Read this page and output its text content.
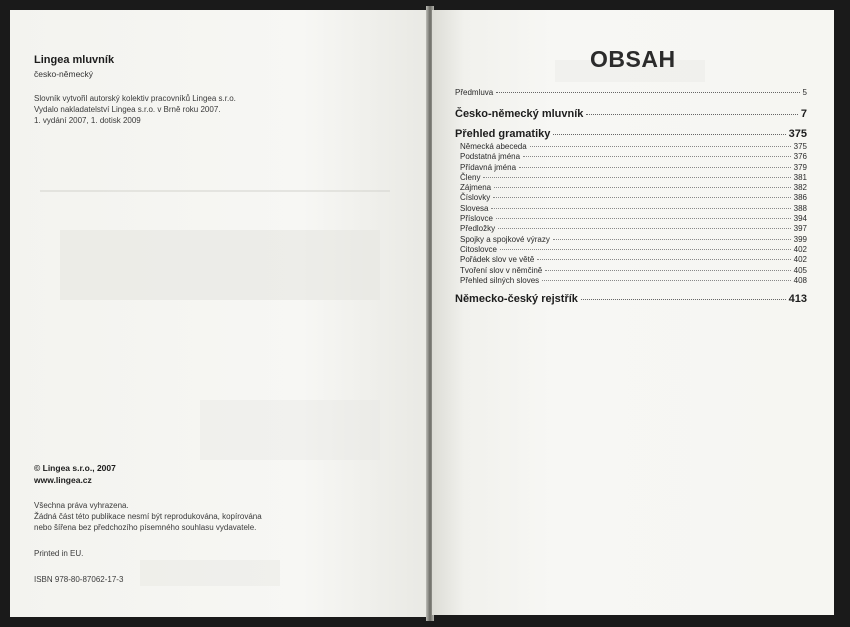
Lingea mluvník
česko-německý
Slovník vytvořil autorský kolektiv pracovníků Lingea s.r.o.
Vydalo nakladatelství Lingea s.r.o. v Brně roku 2007.
1. vydání 2007, 1. dotisk 2009
© Lingea s.r.o., 2007
www.lingea.cz
Všechna práva vyhrazena.
Žádná část této publikace nesmí být reprodukována, kopírována
nebo šířena bez předchozího písemného souhlasu vydavatele.
Printed in EU.
ISBN 978-80-87062-17-3
OBSAH
Předmluva	5
Česko-německý mluvník	7
Přehled gramatiky	375
Německá abeceda	375
Podstatná jména	376
Přídavná jména	379
Členy	381
Zájmena	382
Číslovky	386
Slovesa	388
Příslovce	394
Předložky	397
Spojky a spojkové výrazy	399
Citoslovce	402
Pořádek slov ve větě	402
Tvoření slov v němčině	405
Přehled silných sloves	408
Německo-český rejstřík	413
